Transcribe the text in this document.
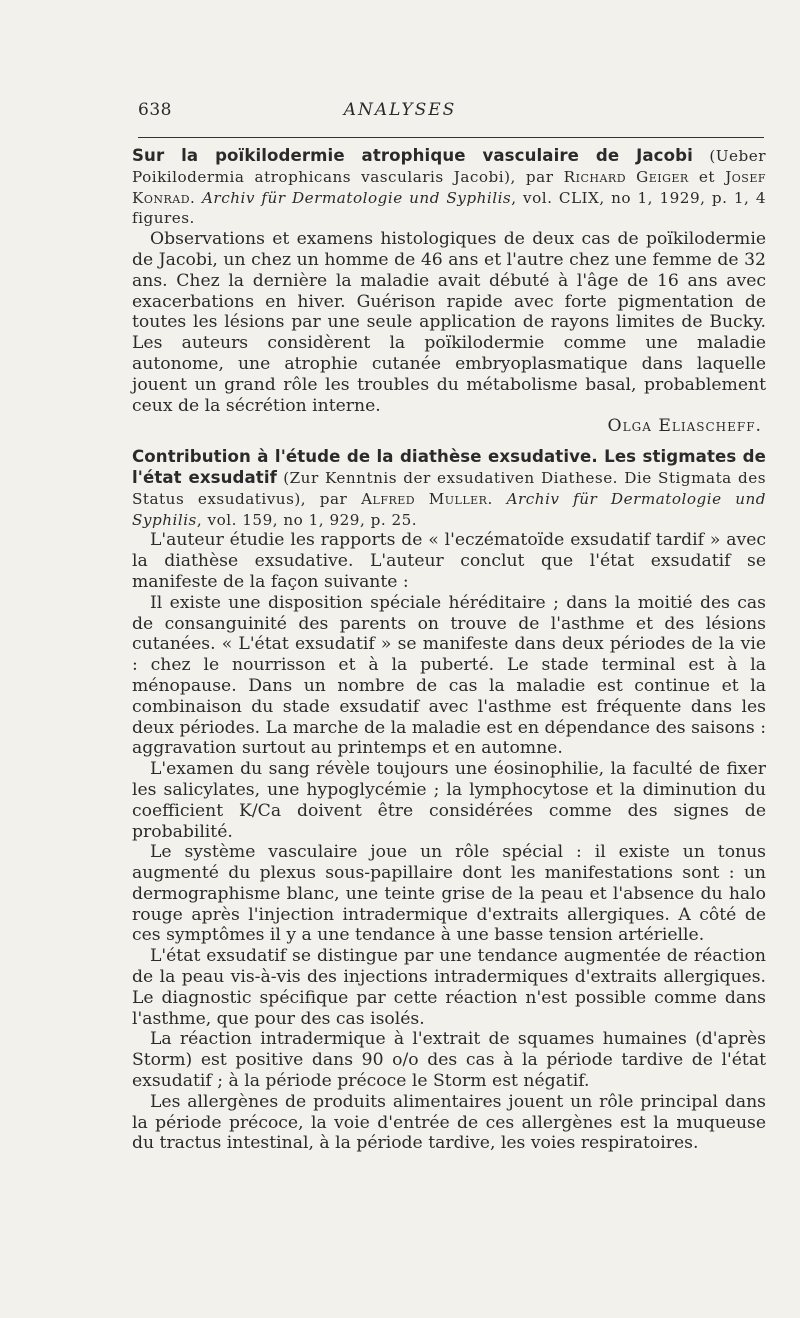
638	ANALYSES

Sur la poïkilodermie atrophique vasculaire de Jacobi (Ueber Poikilodermia atrophicans vascularis Jacobi), par Richard Geiger et Josef Konrad. Archiv für Dermatologie und Syphilis, vol. CLIX, no 1, 1929, p. 1, 4 figures.

Observations et examens histologiques de deux cas de poïkilodermie de Jacobi, un chez un homme de 46 ans et l'autre chez une femme de 32 ans. Chez la dernière la maladie avait débuté à l'âge de 16 ans avec exacerbations en hiver. Guérison rapide avec forte pigmentation de toutes les lésions par une seule application de rayons limites de Bucky. Les auteurs considèrent la poïkilodermie comme une maladie autonome, une atrophie cutanée embryoplasmatique dans laquelle jouent un grand rôle les troubles du métabolisme basal, probablement ceux de la sécrétion interne.

Olga Eliascheff.

Contribution à l'étude de la diathèse exsudative. Les stigmates de l'état exsudatif (Zur Kenntnis der exsudativen Diathese. Die Stigmata des Status exsudativus), par Alfred Muller. Archiv für Dermatologie und Syphilis, vol. 159, no 1, 929, p. 25.

L'auteur étudie les rapports de « l'eczématoïde exsudatif tardif » avec la diathèse exsudative. L'auteur conclut que l'état exsudatif se manifeste de la façon suivante :

Il existe une disposition spéciale héréditaire ; dans la moitié des cas de consanguinité des parents on trouve de l'asthme et des lésions cutanées. « L'état exsudatif » se manifeste dans deux périodes de la vie : chez le nourrisson et à la puberté. Le stade terminal est à la ménopause. Dans un nombre de cas la maladie est continue et la combinaison du stade exsudatif avec l'asthme est fréquente dans les deux périodes. La marche de la maladie est en dépendance des saisons : aggravation surtout au printemps et en automne.

L'examen du sang révèle toujours une éosinophilie, la faculté de fixer les salicylates, une hypoglycémie ; la lymphocytose et la diminution du coefficient K/Ca doivent être considérées comme des signes de probabilité.

Le système vasculaire joue un rôle spécial : il existe un tonus augmenté du plexus sous-papillaire dont les manifestations sont : un dermographisme blanc, une teinte grise de la peau et l'absence du halo rouge après l'injection intradermique d'extraits allergiques. A côté de ces symptômes il y a une tendance à une basse tension artérielle.

L'état exsudatif se distingue par une tendance augmentée de réaction de la peau vis-à-vis des injections intradermiques d'extraits allergiques. Le diagnostic spécifique par cette réaction n'est possible comme dans l'asthme, que pour des cas isolés.

La réaction intradermique à l'extrait de squames humaines (d'après Storm) est positive dans 90 o/o des cas à la période tardive de l'état exsudatif ; à la période précoce le Storm est négatif.

Les allergènes de produits alimentaires jouent un rôle principal dans la période précoce, la voie d'entrée de ces allergènes est la muqueuse du tractus intestinal, à la période tardive, les voies respiratoires.
